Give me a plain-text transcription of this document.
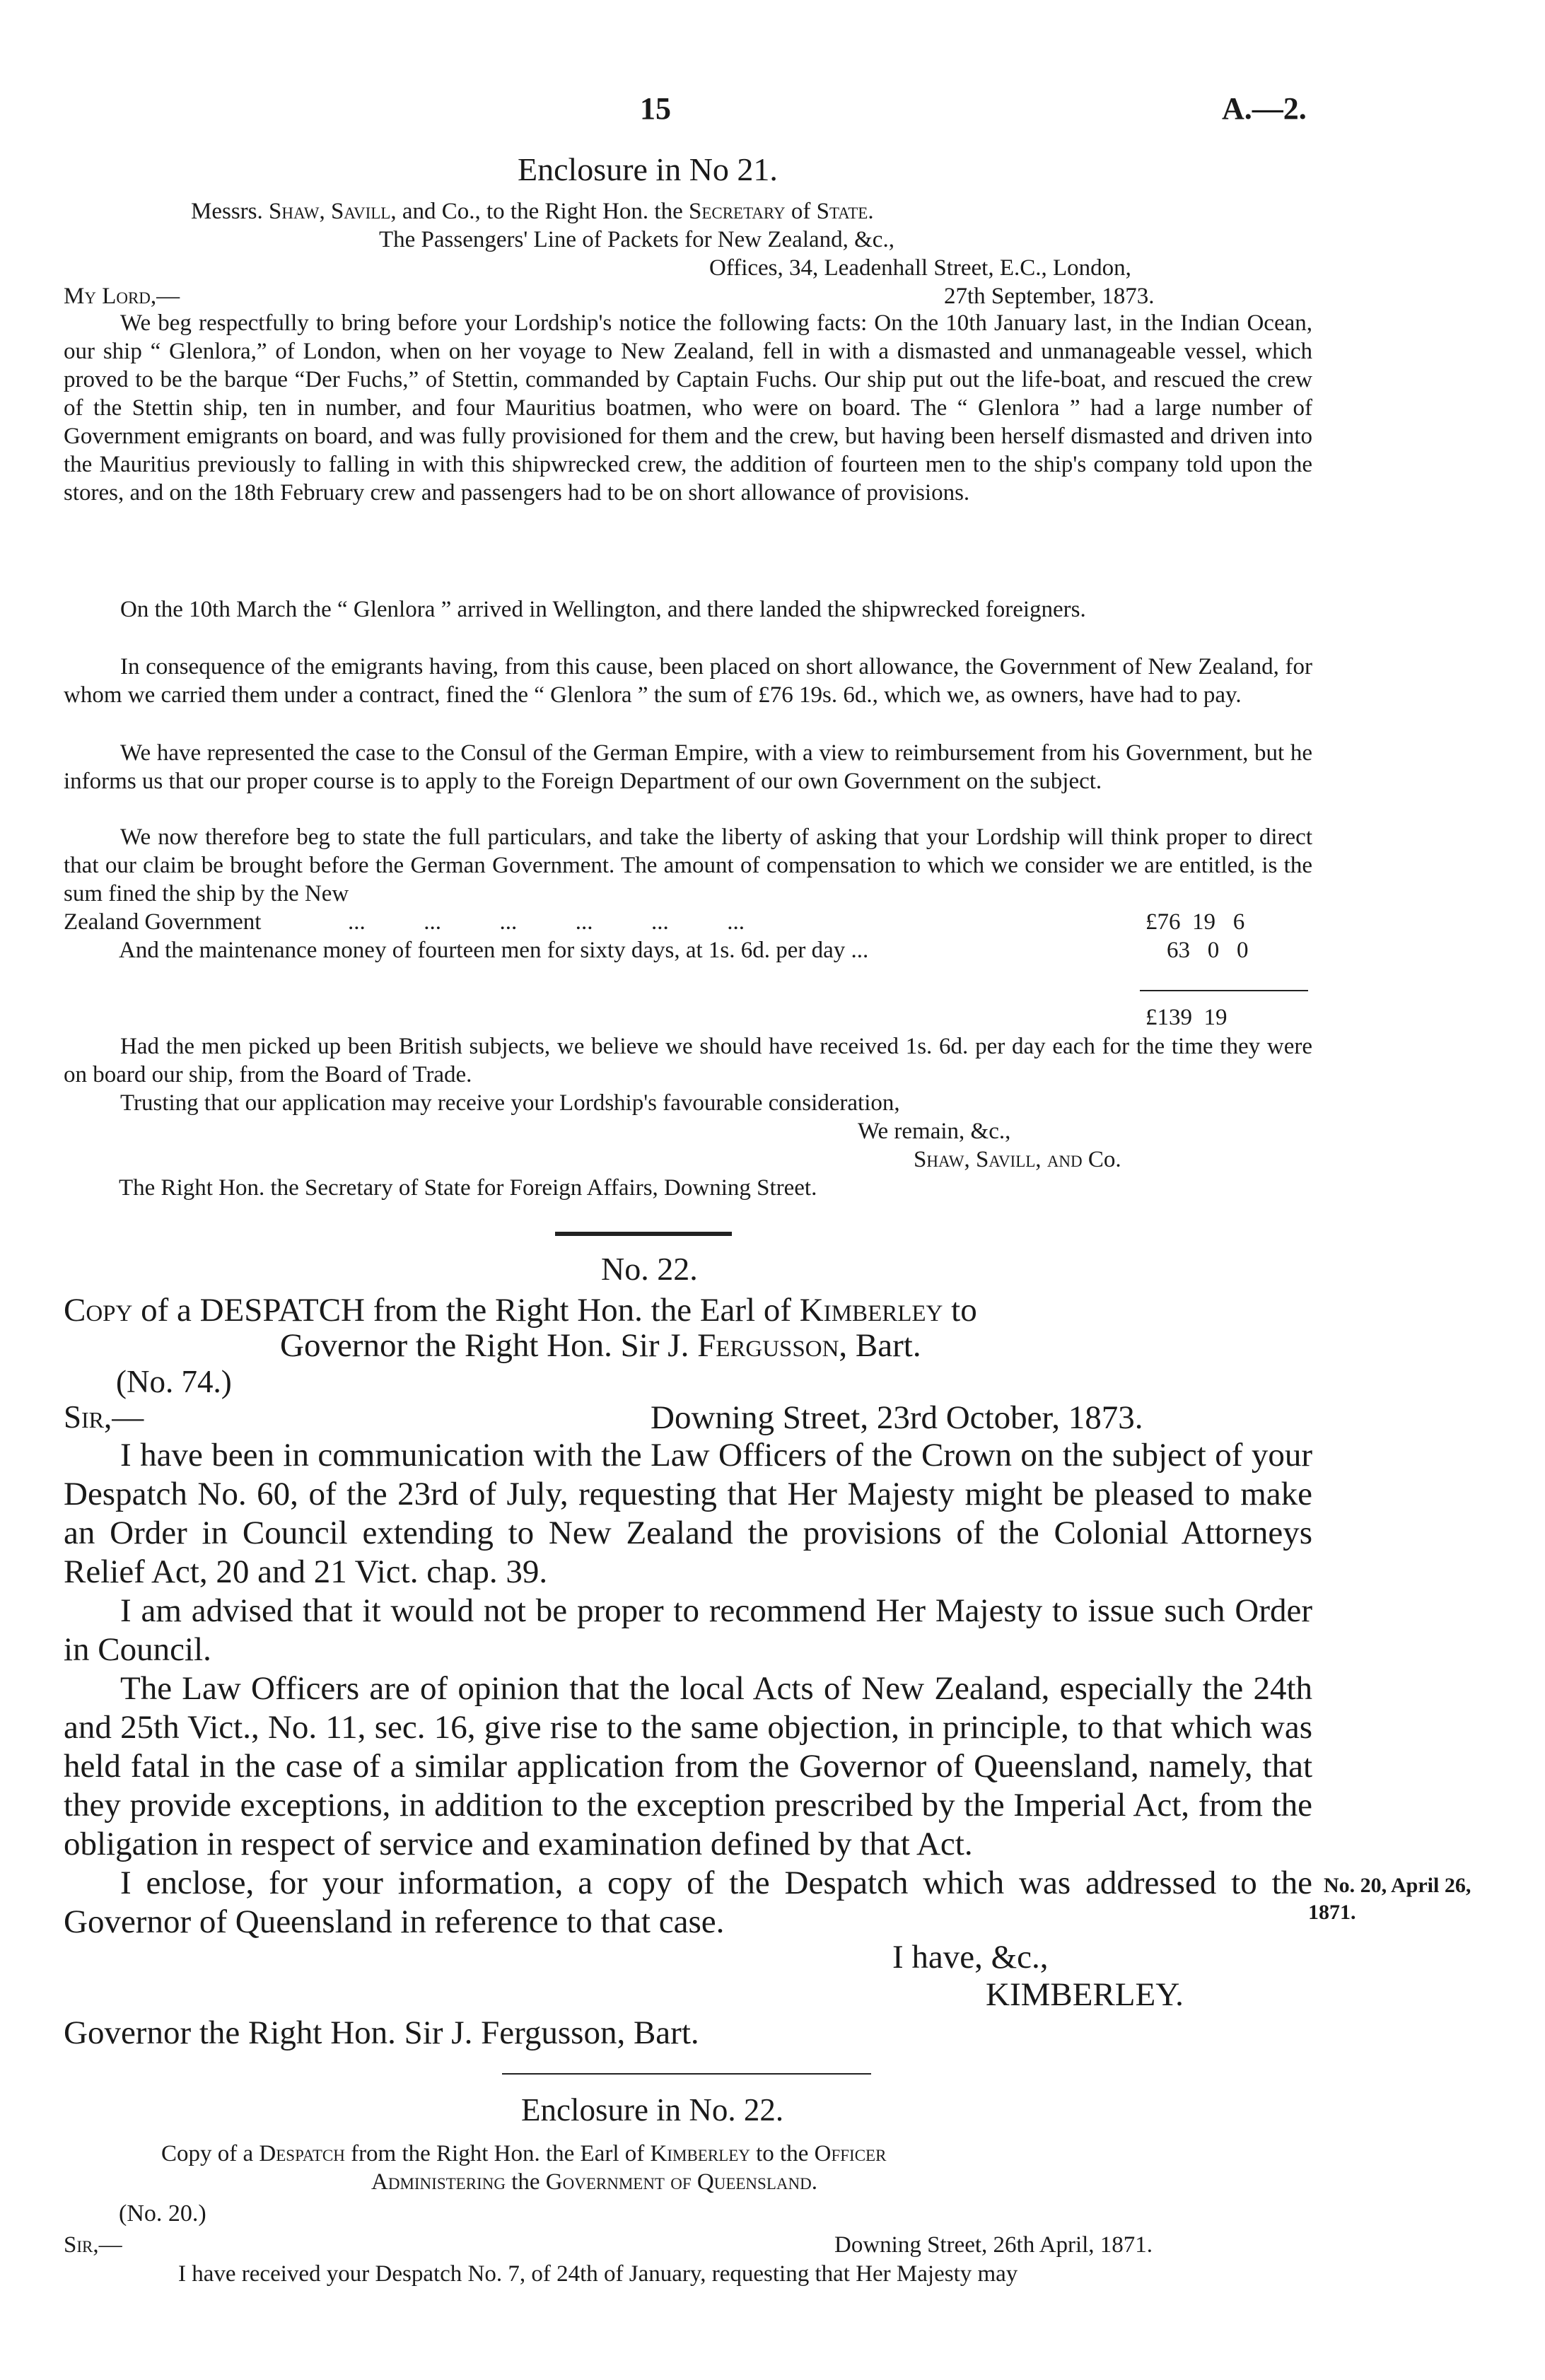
15	A.—2.
Enclosure in No 21.
Messrs. Shaw, Savill, and Co., to the Right Hon. the Secretary of State.
The Passengers' Line of Packets for New Zealand, &c.,
Offices, 34, Leadenhall Street, E.C., London,
My Lord,—	27th September, 1873.
We beg respectfully to bring before your Lordship's notice the following facts: On the 10th January last, in the Indian Ocean, our ship “ Glenlora,” of London, when on her voyage to New Zealand, fell in with a dismasted and unmanageable vessel, which proved to be the barque “Der Fuchs,” of Stettin, commanded by Captain Fuchs. Our ship put out the life-boat, and rescued the crew of the Stettin ship, ten in number, and four Mauritius boatmen, who were on board. The “ Glenlora ” had a large number of Government emigrants on board, and was fully provisioned for them and the crew, but having been herself dismasted and driven into the Mauritius previously to falling in with this shipwrecked crew, the addition of fourteen men to the ship's company told upon the stores, and on the 18th February crew and passengers had to be on short allowance of provisions.
On the 10th March the “ Glenlora ” arrived in Wellington, and there landed the shipwrecked foreigners.
In consequence of the emigrants having, from this cause, been placed on short allowance, the Government of New Zealand, for whom we carried them under a contract, fined the “ Glenlora ” the sum of £76 19s. 6d., which we, as owners, have had to pay.
We have represented the case to the Consul of the German Empire, with a view to reimbursement from his Government, but he informs us that our proper course is to apply to the Foreign Department of our own Government on the subject.
We now therefore beg to state the full particulars, and take the liberty of asking that your Lordship will think proper to direct that our claim be brought before the German Government. The amount of compensation to which we consider we are entitled, is the sum fined the ship by the New
Zealand Government	...          ...          ...          ...          ...          ...	£76  19   6
And the maintenance money of fourteen men for sixty days, at 1s. 6d. per day ...	63   0   0
£139  19
Had the men picked up been British subjects, we believe we should have received 1s. 6d. per day each for the time they were on board our ship, from the Board of Trade.
Trusting that our application may receive your Lordship's favourable consideration,
We remain, &c.,
Shaw, Savill, and Co.
The Right Hon. the Secretary of State for Foreign Affairs, Downing Street.
No. 22.
Copy of a DESPATCH from the Right Hon. the Earl of Kimberley to
Governor the Right Hon. Sir J. Fergusson, Bart.
(No. 74.)
Sir,—	Downing Street, 23rd October, 1873.
I have been in communication with the Law Officers of the Crown on the subject of your Despatch No. 60, of the 23rd of July, requesting that Her Majesty might be pleased to make an Order in Council extending to New Zealand the provisions of the Colonial Attorneys Relief Act, 20 and 21 Vict. chap. 39.
I am advised that it would not be proper to recommend Her Majesty to issue such Order in Council.
The Law Officers are of opinion that the local Acts of New Zealand, especially the 24th and 25th Vict., No. 11, sec. 16, give rise to the same objection, in principle, to that which was held fatal in the case of a similar application from the Governor of Queensland, namely, that they provide exceptions, in addition to the exception prescribed by the Imperial Act, from the obligation in respect of service and examination defined by that Act.
I enclose, for your information, a copy of the Despatch which was addressed to the Governor of Queensland in reference to that case.
No. 20, April 26,
1871.
I have, &c.,
KIMBERLEY.
Governor the Right Hon. Sir J. Fergusson, Bart.
Enclosure in No. 22.
Copy of a Despatch from the Right Hon. the Earl of Kimberley to the Officer
Administering the Government of Queensland.
(No. 20.)
Sir,—	Downing Street, 26th April, 1871.
I have received your Despatch No. 7, of 24th of January, requesting that Her Majesty may
